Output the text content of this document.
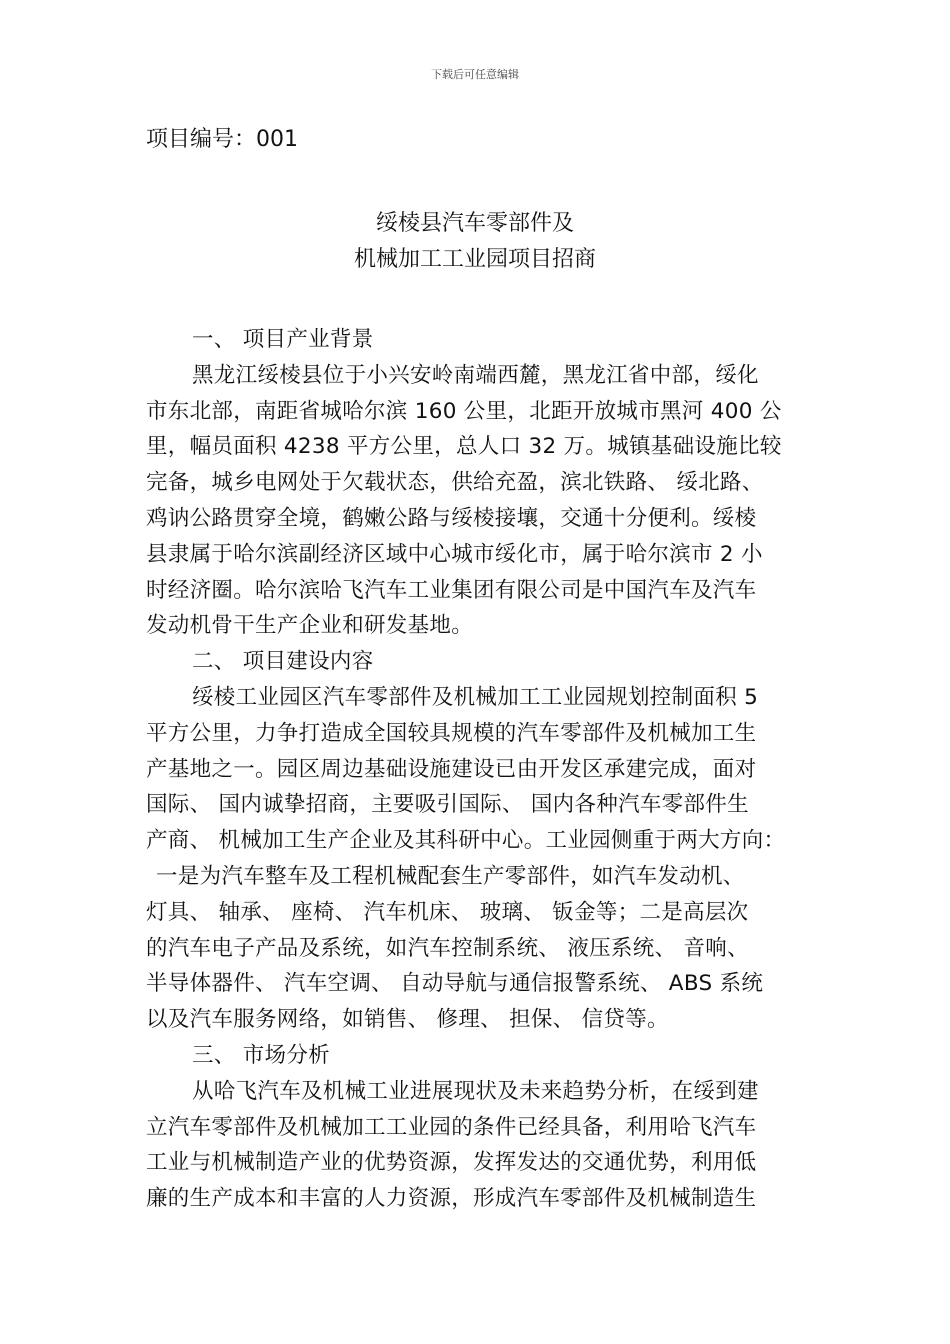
下载后可任意编辑
项目编号：001
绥棱县汽车零部件及
机械加工工业园项目招商
一、 项目产业背景
黑龙江绥棱县位于小兴安岭南端西麓，黑龙江省中部，绥化
市东北部，南距省城哈尔滨 160 公里，北距开放城市黑河 400 公
里，幅员面积 4238 平方公里，总人口 32 万。城镇基础设施比较
完备，城乡电网处于欠载状态，供给充盈，滨北铁路、 绥北路、
鸡讷公路贯穿全境，鹤嫩公路与绥棱接壤，交通十分便利。绥棱
县隶属于哈尔滨副经济区域中心城市绥化市，属于哈尔滨市 2 小
时经济圈。哈尔滨哈飞汽车工业集团有限公司是中国汽车及汽车
发动机骨干生产企业和研发基地。
二、 项目建设内容
绥棱工业园区汽车零部件及机械加工工业园规划控制面积 5
平方公里，力争打造成全国较具规模的汽车零部件及机械加工生
产基地之一。园区周边基础设施建设已由开发区承建完成，面对
国际、 国内诚挚招商，主要吸引国际、 国内各种汽车零部件生
产商、 机械加工生产企业及其科研中心。工业园侧重于两大方向：
一是为汽车整车及工程机械配套生产零部件，如汽车发动机、
灯具、 轴承、 座椅、 汽车机床、 玻璃、 钣金等；二是高层次
的汽车电子产品及系统，如汽车控制系统、 液压系统、 音响、
半导体器件、 汽车空调、 自动导航与通信报警系统、 ABS 系统
以及汽车服务网络，如销售、 修理、 担保、 信贷等。
三、 市场分析
从哈飞汽车及机械工业进展现状及未来趋势分析，在绥到建
立汽车零部件及机械加工工业园的条件已经具备，利用哈飞汽车
工业与机械制造产业的优势资源，发挥发达的交通优势，利用低
廉的生产成本和丰富的人力资源，形成汽车零部件及机械制造生
